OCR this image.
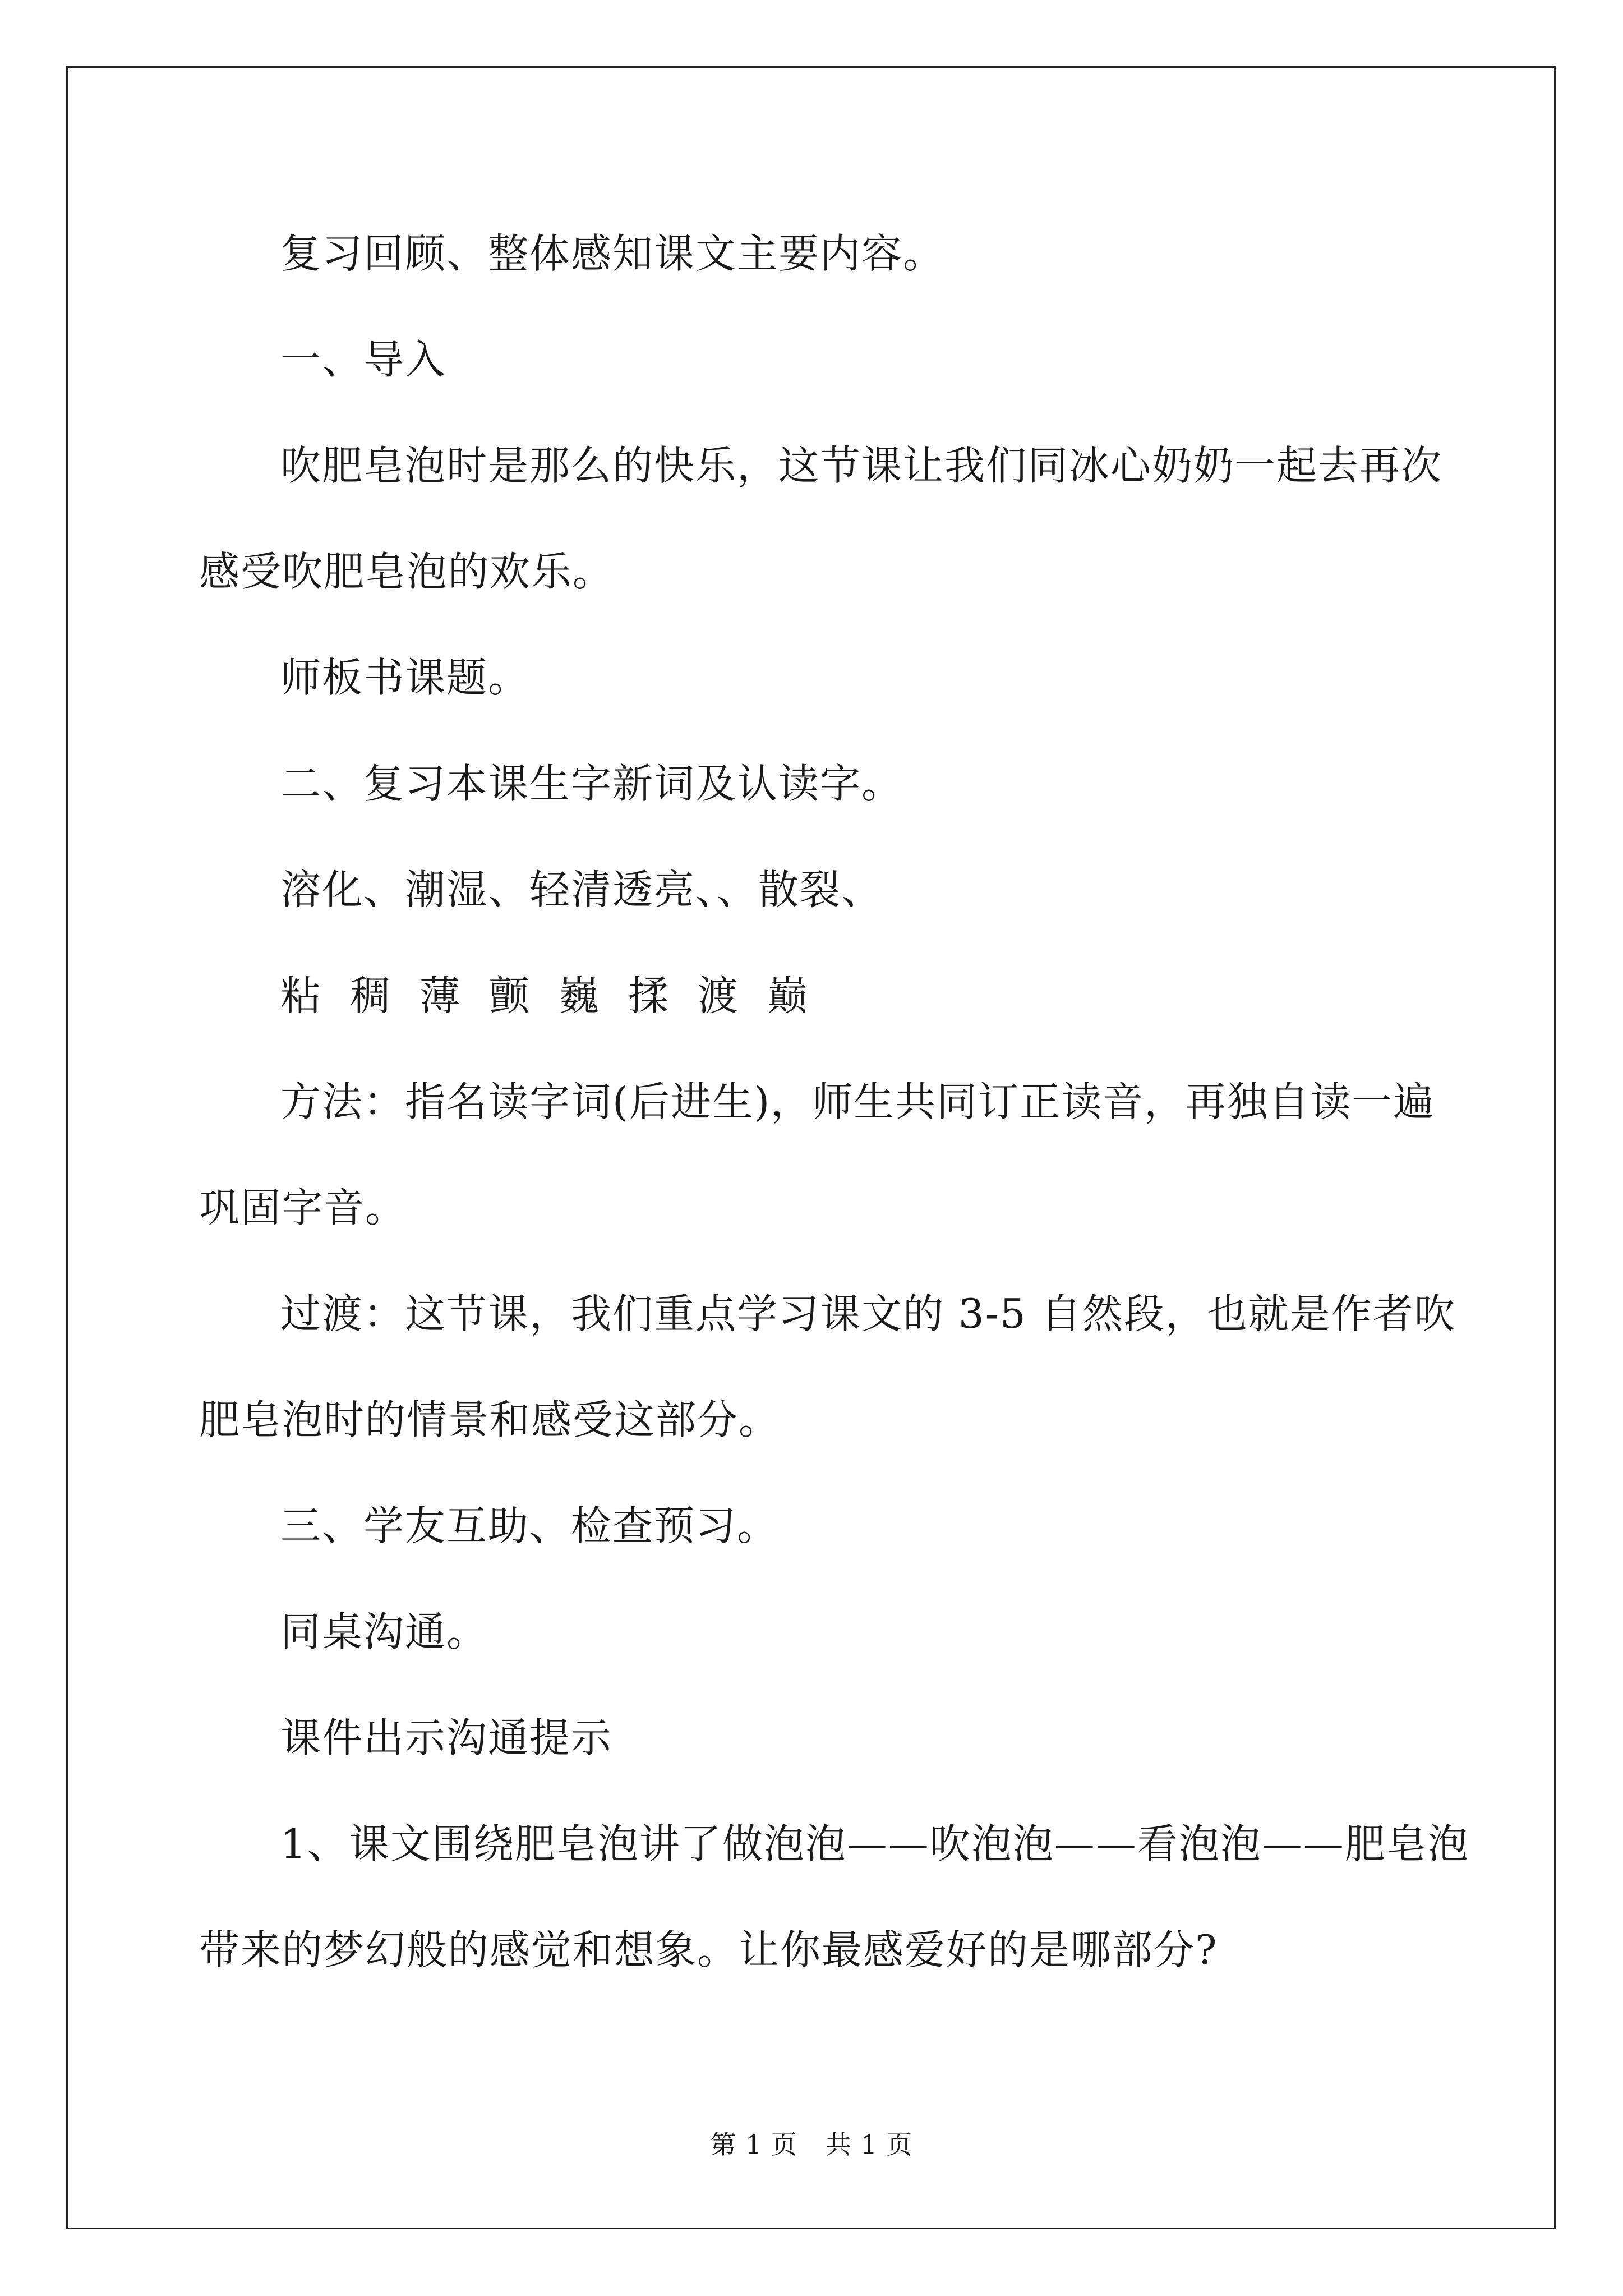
复习回顾、整体感知课文主要内容。
一、导入
吹肥皂泡时是那么的快乐，这节课让我们同冰心奶奶一起去再次
感受吹肥皂泡的欢乐。
师板书课题。
二、复习本课生字新词及认读字。
溶化、潮湿、轻清透亮、、散裂、
粘稠薄颤巍揉渡巅
方法：指名读字词(后进生)，师生共同订正读音，再独自读一遍
巩固字音。
过渡：这节课，我们重点学习课文的 3-5 自然段，也就是作者吹
肥皂泡时的情景和感受这部分。
三、学友互助、检查预习。
同桌沟通。
课件出示沟通提示
1、课文围绕肥皂泡讲了做泡泡——吹泡泡——看泡泡——肥皂泡
带来的梦幻般的感觉和想象。让你最感爱好的是哪部分?
第 1 页 共 1 页
